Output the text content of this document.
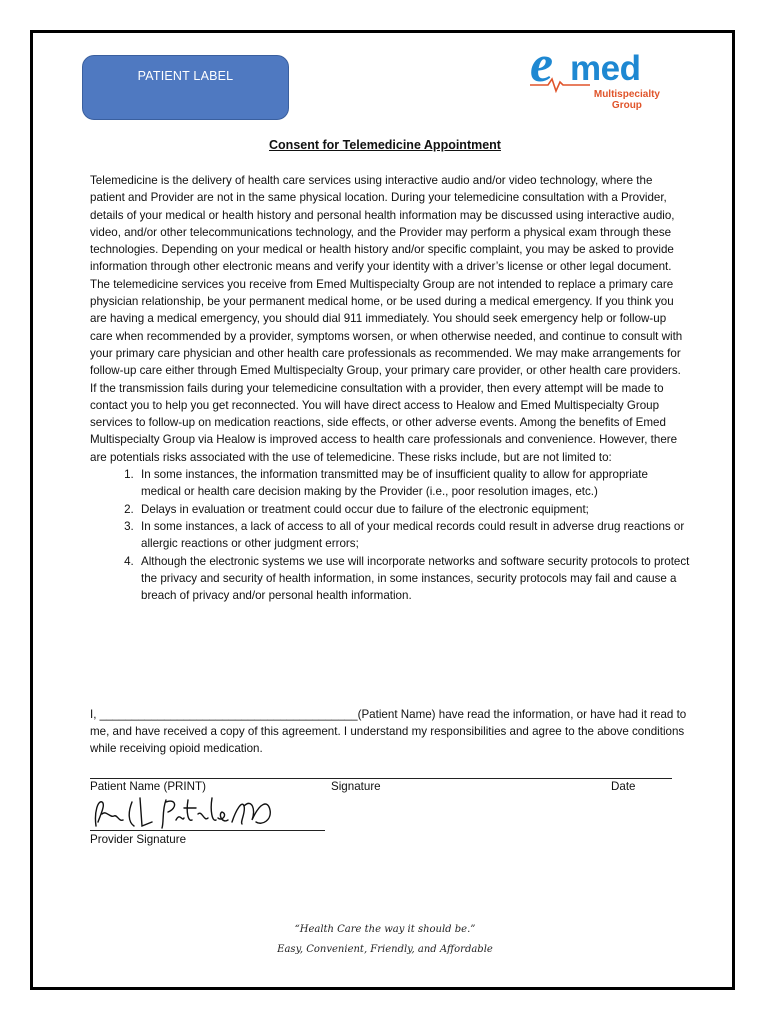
PATIENT LABEL	e med
Multispecialty
Group
Consent for Telemedicine Appointment

Telemedicine is the delivery of health care services using interactive audio and/or video technology, where the patient and Provider are not in the same physical location. During your telemedicine consultation with a Provider, details of your medical or health history and personal health information may be discussed using interactive audio, video, and/or other telecommunications technology, and the Provider may perform a physical exam through these technologies. Depending on your medical or health history and/or specific complaint, you may be asked to provide information through other electronic means and verify your identity with a driver’s license or other legal document. The telemedicine services you receive from Emed Multispecialty Group are not intended to replace a primary care physician relationship, be your permanent medical home, or be used during a medical emergency. If you think you are having a medical emergency, you should dial 911 immediately. You should seek emergency help or follow-up care when recommended by a provider, symptoms worsen, or when otherwise needed, and continue to consult with your primary care physician and other health care professionals as recommended. We may make arrangements for follow-up care either through Emed Multispecialty Group, your primary care provider, or other health care providers. If the transmission fails during your telemedicine consultation with a provider, then every attempt will be made to contact you to help you get reconnected. You will have direct access to Healow and Emed Multispecialty Group services to follow-up on medication reactions, side effects, or other adverse events. Among the benefits of Emed Multispecialty Group via Healow is improved access to health care professionals and convenience. However, there are potentials risks associated with the use of telemedicine. These risks include, but are not limited to:

1. In some instances, the information transmitted may be of insufficient quality to allow for appropriate medical or health care decision making by the Provider (i.e., poor resolution images, etc.)
2. Delays in evaluation or treatment could occur due to failure of the electronic equipment;
3. In some instances, a lack of access to all of your medical records could result in adverse drug reactions or allergic reactions or other judgment errors;
4. Although the electronic systems we use will incorporate networks and software security protocols to protect the privacy and security of health information, in some instances, security protocols may fail and cause a breach of privacy and/or personal health information.

I, ________________________________________(Patient Name) have read the information, or have had it read to me, and have received a copy of this agreement. I understand my responsibilities and agree to the above conditions while receiving opioid medication.

Patient Name (PRINT)	Signature	Date
Provider Signature
“Health Care the way it should be.”
Easy, Convenient, Friendly, and Affordable
